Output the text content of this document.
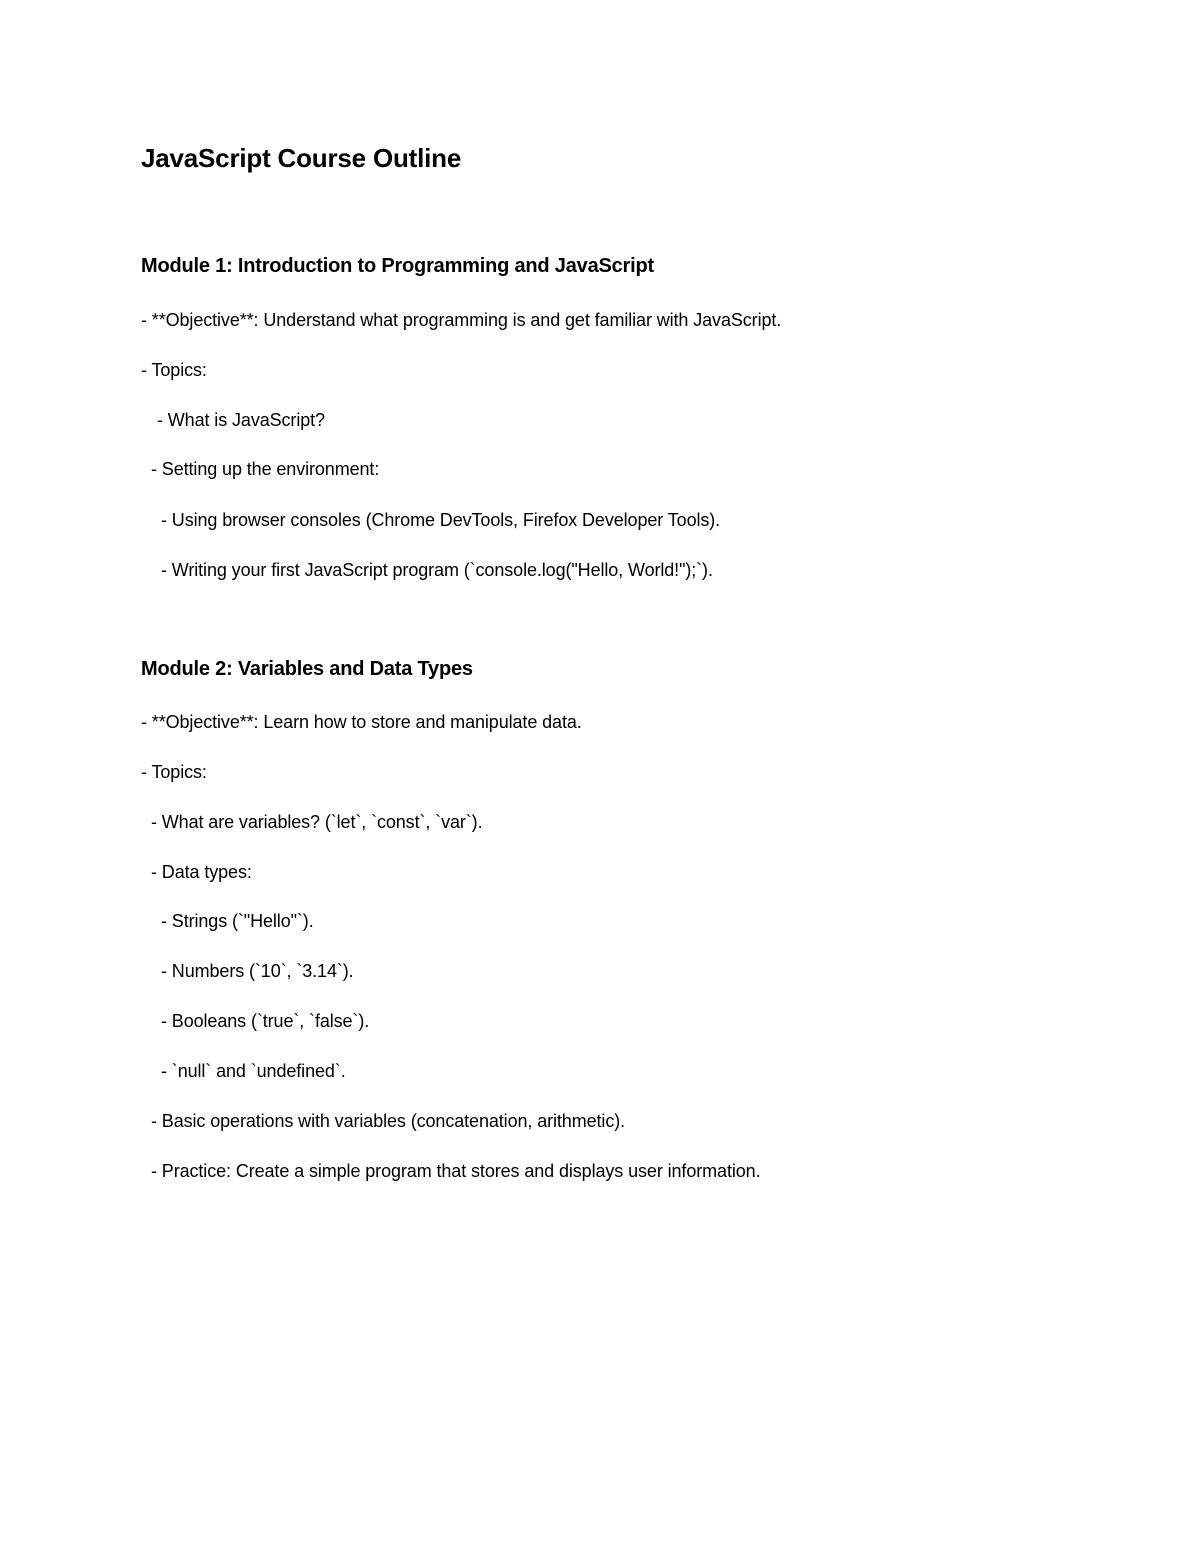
JavaScript Course Outline
Module 1: Introduction to Programming and JavaScript
- **Objective**: Understand what programming is and get familiar with JavaScript.
- Topics:
- What is JavaScript?
- Setting up the environment:
- Using browser consoles (Chrome DevTools, Firefox Developer Tools).
- Writing your first JavaScript program (`console.log("Hello, World!");`).
Module 2: Variables and Data Types
- **Objective**: Learn how to store and manipulate data.
- Topics:
- What are variables? (`let`, `const`, `var`).
- Data types:
- Strings (`"Hello"`).
- Numbers (`10`, `3.14`).
- Booleans (`true`, `false`).
- `null` and `undefined`.
- Basic operations with variables (concatenation, arithmetic).
- Practice: Create a simple program that stores and displays user information.
